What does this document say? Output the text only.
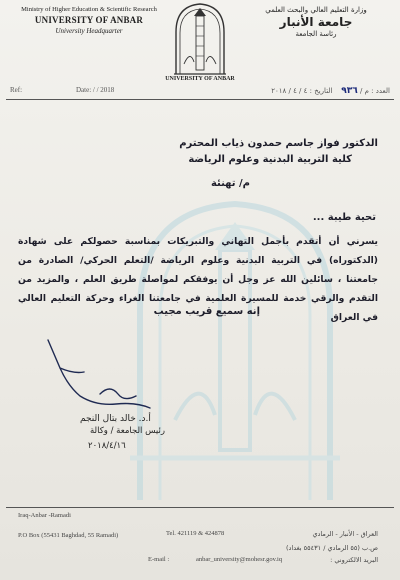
Ministry of Higher Education & Scientific Research
UNIVERSITY OF ANBAR
University Headquarter
UNIVERSITY OF ANBAR
وزارة التعليم العالي والبحث العلمي
جامعة الأنبار
رئاسة الجامعة
Ref:	Date: / / 2018	العدد : م / ٩٣٦    التاريخ : ٤ / ٤ / ٢٠١٨
الدكتور فواز جاسم حمدون ذياب المحترم
كلية التربية البدنية وعلوم الرياضة
م/ تهنئة
تحية طيبة ...
يسرني أن أتقدم بأجمل التهاني والتبريكات بمناسبة حصولكم على شهادة (الدكتوراه) في التربية البدنية وعلوم الرياضة /التعلم الحركي/ الصادرة من جامعتنا ، سائلين الله عز وجل أن يوفقكم لمواصلة طريق العلم ، والمزيد من التقدم والرقي خدمة للمسيرة العلمية في جامعتنا الغراء وحركة التعليم العالي في العراق
إنه سميع قريب مجيب
أ.د. خالد بتال النجم
رئيس الجامعة / وكالة
٢٠١٨/٤/١٦
Iraq-Anbar -Ramadi
P.O Box (55431 Baghdad, 55 Ramadi)	Tel. 421119 & 424878
E-mail :	anbar_university@mohesr.gov.iq
العراق - الأنبار - الرمادي
ص.ب (٥٥ الرمادي / ٥٥٤٣١ بغداد)
البريد الالكتروني :
